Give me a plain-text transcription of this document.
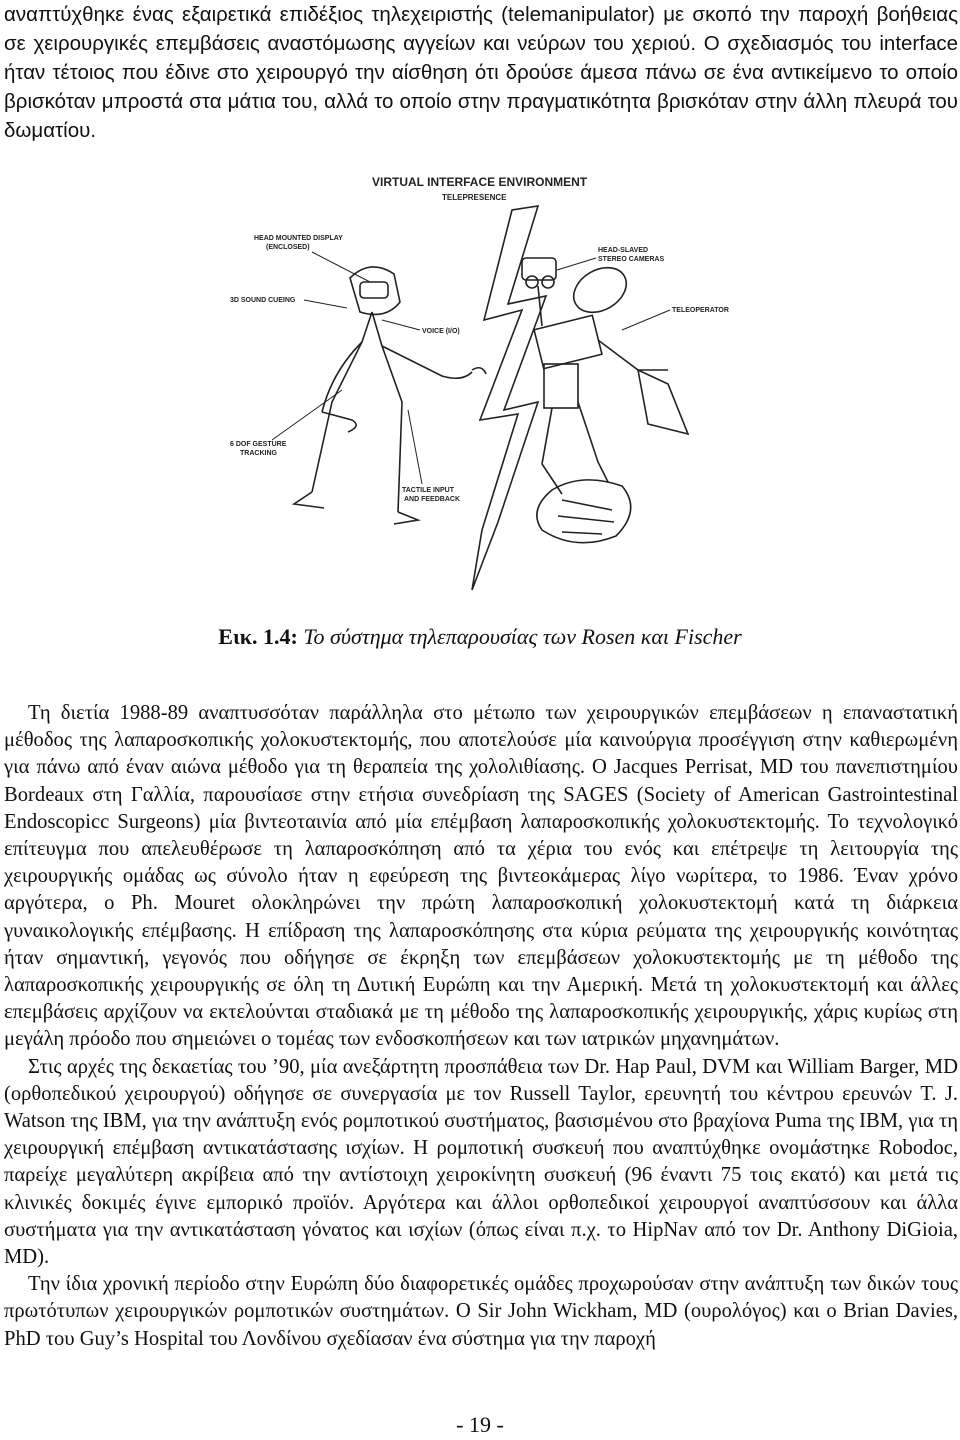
αναπτύχθηκε ένας εξαιρετικά επιδέξιος τηλεχειριστής (telemanipulator) με σκοπό την παροχή βοήθειας σε χειρουργικές επεμβάσεις αναστόμωσης αγγείων και νεύρων του χεριού. Ο σχεδιασμός του interface ήταν τέτοιος που έδινε στο χειρουργό την αίσθηση ότι δρούσε άμεσα πάνω σε ένα αντικείμενο το οποίο βρισκόταν μπροστά στα μάτια του, αλλά το οποίο στην πραγματικότητα βρισκόταν στην άλλη πλευρά του δωματίου.

VIRTUAL INTERFACE ENVIRONMENT
TELEPRESENCE
HEAD MOUNTED DISPLAY
(ENCLOSED)
3D SOUND CUEING
VOICE (I/O)
6 DOF GESTURE
TRACKING
TACTILE INPUT
AND FEEDBACK
HEAD-SLAVED
STEREO CAMERAS
TELEOPERATOR

Εικ. 1.4: Το σύστημα τηλεπαρουσίας των Rosen και Fischer

Τη διετία 1988-89 αναπτυσσόταν παράλληλα στο μέτωπο των χειρουργικών επεμβάσεων η επαναστατική μέθοδος της λαπαροσκοπικής χολοκυστεκτομής, που αποτελούσε μία καινούργια προσέγγιση στην καθιερωμένη για πάνω από έναν αιώνα μέθοδο για τη θεραπεία της χολολιθίασης. Ο Jacques Perrisat, MD του πανεπιστημίου Bordeaux στη Γαλλία, παρουσίασε στην ετήσια συνεδρίαση της SAGES (Society of American Gastrointestinal Endoscopicc Surgeons) μία βιντεοταινία από μία επέμβαση λαπαροσκοπικής χολοκυστεκτομής. Το τεχνολογικό επίτευγμα που απελευθέρωσε τη λαπαροσκόπηση από τα χέρια του ενός και επέτρεψε τη λειτουργία της χειρουργικής ομάδας ως σύνολο ήταν η εφεύρεση της βιντεοκάμερας λίγο νωρίτερα, το 1986. Έναν χρόνο αργότερα, ο Ph. Mouret ολοκληρώνει την πρώτη λαπαροσκοπική χολοκυστεκτομή κατά τη διάρκεια γυναικολογικής επέμβασης. Η επίδραση της λαπαροσκόπησης στα κύρια ρεύματα της χειρουργικής κοινότητας ήταν σημαντική, γεγονός που οδήγησε σε έκρηξη των επεμβάσεων χολοκυστεκτομής με τη μέθοδο της λαπαροσκοπικής χειρουργικής σε όλη τη Δυτική Ευρώπη και την Αμερική. Μετά τη χολοκυστεκτομή και άλλες επεμβάσεις αρχίζουν να εκτελούνται σταδιακά με τη μέθοδο της λαπαροσκοπικής χειρουργικής, χάρις κυρίως στη μεγάλη πρόοδο που σημειώνει ο τομέας των ενδοσκοπήσεων και των ιατρικών μηχανημάτων.

Στις αρχές της δεκαετίας του ’90, μία ανεξάρτητη προσπάθεια των Dr. Hap Paul, DVM και William Barger, MD (ορθοπεδικού χειρουργού) οδήγησε σε συνεργασία με τον Russell Taylor, ερευνητή του κέντρου ερευνών T. J. Watson της IBM, για την ανάπτυξη ενός ρομποτικού συστήματος, βασισμένου στο βραχίονα Puma της IBM, για τη χειρουργική επέμβαση αντικατάστασης ισχίων. Η ρομποτική συσκευή που αναπτύχθηκε ονομάστηκε Robodoc, παρείχε μεγαλύτερη ακρίβεια από την αντίστοιχη χειροκίνητη συσκευή (96 έναντι 75 τοις εκατό) και μετά τις κλινικές δοκιμές έγινε εμπορικό προϊόν. Αργότερα και άλλοι ορθοπεδικοί χειρουργοί αναπτύσσουν και άλλα συστήματα για την αντικατάσταση γόνατος και ισχίων (όπως είναι π.χ. το HipNav από τον Dr. Anthony DiGioia, MD).

Την ίδια χρονική περίοδο στην Ευρώπη δύο διαφορετικές ομάδες προχωρούσαν στην ανάπτυξη των δικών τους πρωτότυπων χειρουργικών ρομποτικών συστημάτων. Ο Sir John Wickham, MD (ουρολόγος) και ο Brian Davies, PhD του Guy’s Hospital του Λονδίνου σχεδίασαν ένα σύστημα για την παροχή

- 19 -
